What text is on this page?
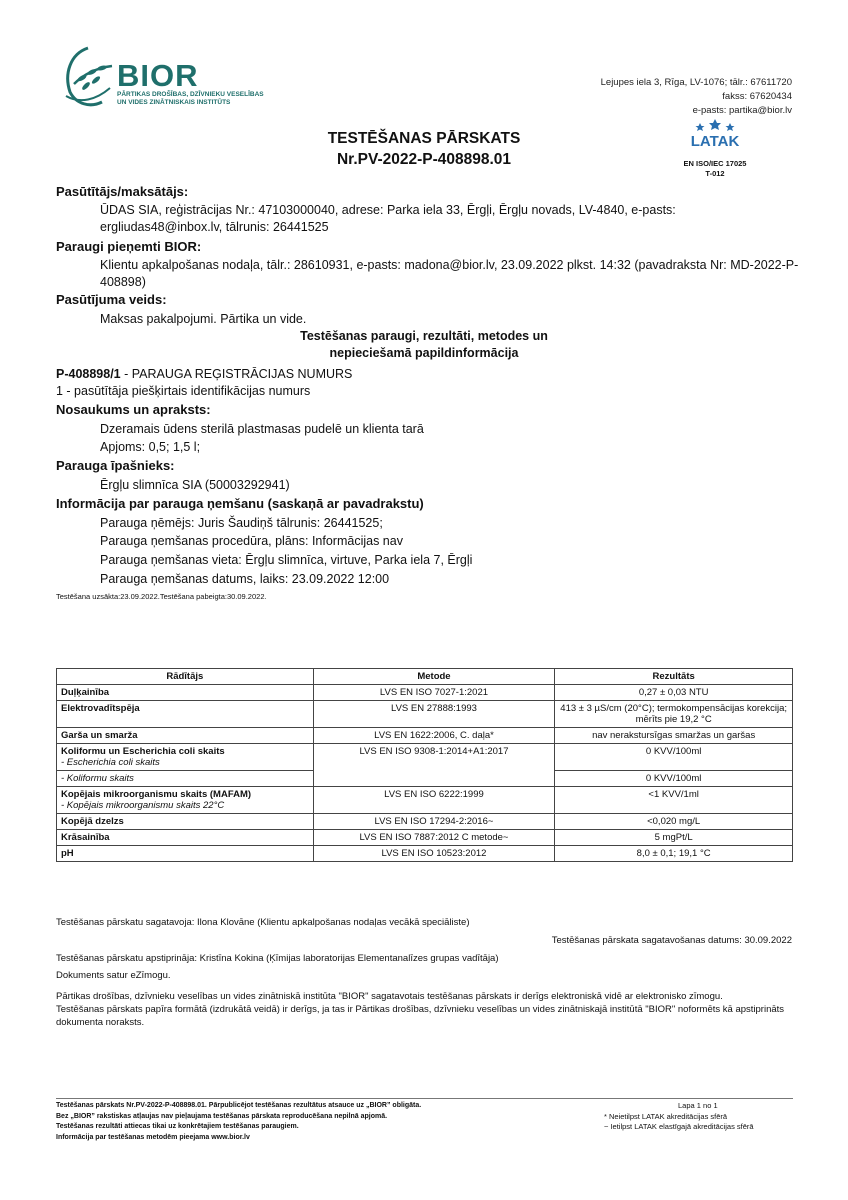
BIOR
PĀRTIKAS DROŠĪBAS, DZĪVNIEKU VESELĪBAS
UN VIDES ZINĀTNISKAIS INSTITŪTS
Lejupes iela 3, Rīga, LV-1076; tālr.: 67611720
fakss: 67620434
e-pasts: partika@bior.lv
TESTĒŠANAS PĀRSKATS
Nr.PV-2022-P-408898.01
LATAK
EN ISO/IEC 17025
T-012
Pasūtītājs/maksātājs:
ŪDAS SIA, reģistrācijas Nr.: 47103000040, adrese: Parka iela 33, Ērgļi, Ērgļu novads, LV-4840, e-pasts: ergliudas48@inbox.lv, tālrunis: 26441525
Paraugi pieņemti BIOR:
Klientu apkalpošanas nodaļa, tālr.: 28610931, e-pasts: madona@bior.lv, 23.09.2022 plkst. 14:32 (pavadraksta Nr: MD-2022-P-408898)
Pasūtījuma veids:
Maksas pakalpojumi. Pārtika un vide.
Testēšanas paraugi, rezultāti, metodes un
nepieciešamā papildinformācija
P-408898/1 - PARAUGA REĢISTRĀCIJAS NUMURS
1 - pasūtītāja piešķirtais identifikācijas numurs
Nosaukums un apraksts:
Dzeramais ūdens sterilā plastmasas pudelē un klienta tarā
Apjoms: 0,5; 1,5 l;
Parauga īpašnieks:
Ērgļu slimnīca SIA (50003292941)
Informācija par parauga ņemšanu (saskaņā ar pavadrakstu)
Parauga ņēmējs: Juris Šaudiņš tālrunis: 26441525;
Parauga ņemšanas procedūra, plāns: Informācijas nav
Parauga ņemšanas vieta: Ērgļu slimnīca, virtuve, Parka iela 7, Ērgļi
Parauga ņemšanas datums, laiks: 23.09.2022 12:00
Testēšana uzsākta:23.09.2022.Testēšana pabeigta:30.09.2022.
Rādītājs	Metode	Rezultāts
Duļķainība	LVS EN ISO 7027-1:2021	0,27 ± 0,03 NTU
Elektrovadītspēja	LVS EN 27888:1993	413 ± 3 µS/cm (20°C); termokompensācijas korekcija; mērīts pie 19,2 °C
Garša un smarža	LVS EN 1622:2006, C. daļa*	nav nerakstursīgas smaržas un garšas
Koliformu un Escherichia coli skaits
- Escherichia coli skaits	LVS EN ISO 9308-1:2014+A1:2017	0 KVV/100ml

- Koliformu skaits		0 KVV/100ml
Kopējais mikroorganismu skaits (MAFAM)
- Kopējais mikroorganismu skaits 22°C	LVS EN ISO 6222:1999	<1 KVV/1ml
Kopējā dzelzs	LVS EN ISO 17294-2:2016~	<0,020 mg/L
Krāsainība	LVS EN ISO 7887:2012 C metode~	5 mgPt/L
pH	LVS EN ISO 10523:2012	8,0 ± 0,1; 19,1 °C
Testēšanas pārskatu sagatavoja: Ilona Klovāne (Klientu apkalpošanas nodaļas vecākā speciāliste)
Testēšanas pārskata sagatavošanas datums: 30.09.2022
Testēšanas pārskatu apstiprināja: Kristīna Kokina (Ķīmijas laboratorijas Elementanalīzes grupas vadītāja)
Dokuments satur eZīmogu.
Pārtikas drošības, dzīvnieku veselības un vides zinātniskā institūta "BIOR" sagatavotais testēšanas pārskats ir derīgs elektroniskā vidē ar elektronisko zīmogu.
Testēšanas pārskats papīra formātā (izdrukātā veidā) ir derīgs, ja tas ir Pārtikas drošības, dzīvnieku veselības un vides zinātniskajā institūtā "BIOR" noformēts kā apstiprināts dokumenta noraksts.
Testēšanas pārskats Nr.PV-2022-P-408898.01. Pārpublicējot testēšanas rezultātus atsauce uz „BIOR” obligāta.
Bez „BIOR” rakstiskas atļaujas nav pieļaujama testēšanas pārskata reproducēšana nepilnā apjomā.
Testēšanas rezultāti attiecas tikai uz konkrētajiem testēšanas paraugiem.
Informācija par testēšanas metodēm pieejama www.bior.lv
Lapa 1 no 1
* Neietilpst LATAK akreditācijas sfērā
~ Ietilpst LATAK elastīgajā akreditācijas sfērā
